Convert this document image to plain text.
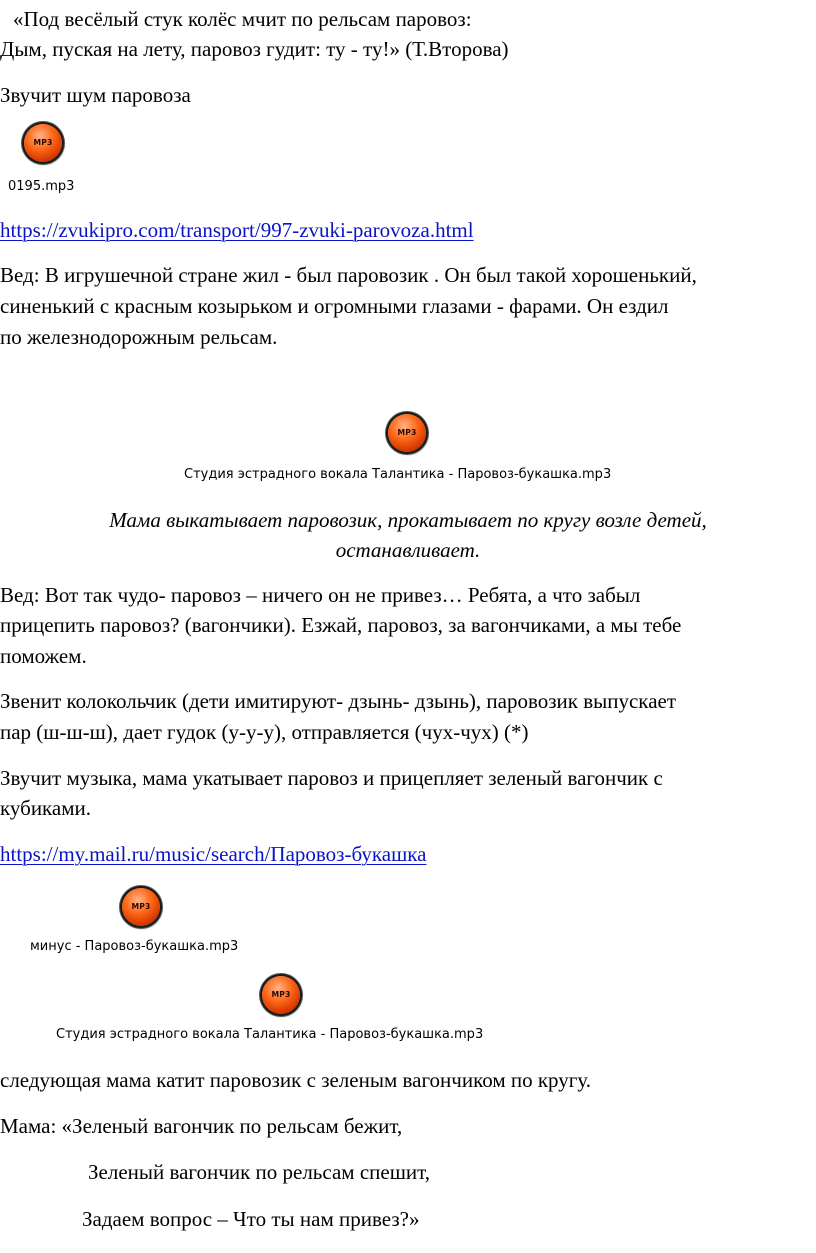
«Под весёлый стук колёс мчит по рельсам паровоз:
Дым, пуская на лету, паровоз гудит: ту - ту!» (Т.Второва)
Звучит шум паровоза
MP3
0195.mp3
https://zvukipro.com/transport/997-zvuki-parovoza.html
Вед: В игрушечной стране жил - был паровозик . Он был такой хорошенький,
синенький с красным козырьком и огромными глазами - фарами. Он ездил
по железнодорожным рельсам.
MP3
Студия эстрадного вокала Талантика - Паровоз-букашка.mp3
Мама выкатывает паровозик, прокатывает по кругу возле детей,
останавливает.
Вед: Вот так чудо- паровоз – ничего он не привез… Ребята, а что забыл
прицепить паровоз? (вагончики). Езжай, паровоз, за вагончиками, а мы тебе
поможем.
Звенит колокольчик (дети имитируют- дзынь- дзынь), паровозик выпускает
пар (ш-ш-ш), дает гудок (у-у-у), отправляется (чух-чух) (*)
Звучит музыка, мама укатывает паровоз и прицепляет зеленый вагончик с
кубиками.
https://my.mail.ru/music/search/Паровоз-букашка
MP3
минус - Паровоз-букашка.mp3
MP3
Студия эстрадного вокала Талантика - Паровоз-букашка.mp3
следующая мама катит паровозик с зеленым вагончиком по кругу.
Мама: «Зеленый вагончик по рельсам бежит,
Зеленый вагончик по рельсам спешит,
Задаем вопрос – Что ты нам привез?»
